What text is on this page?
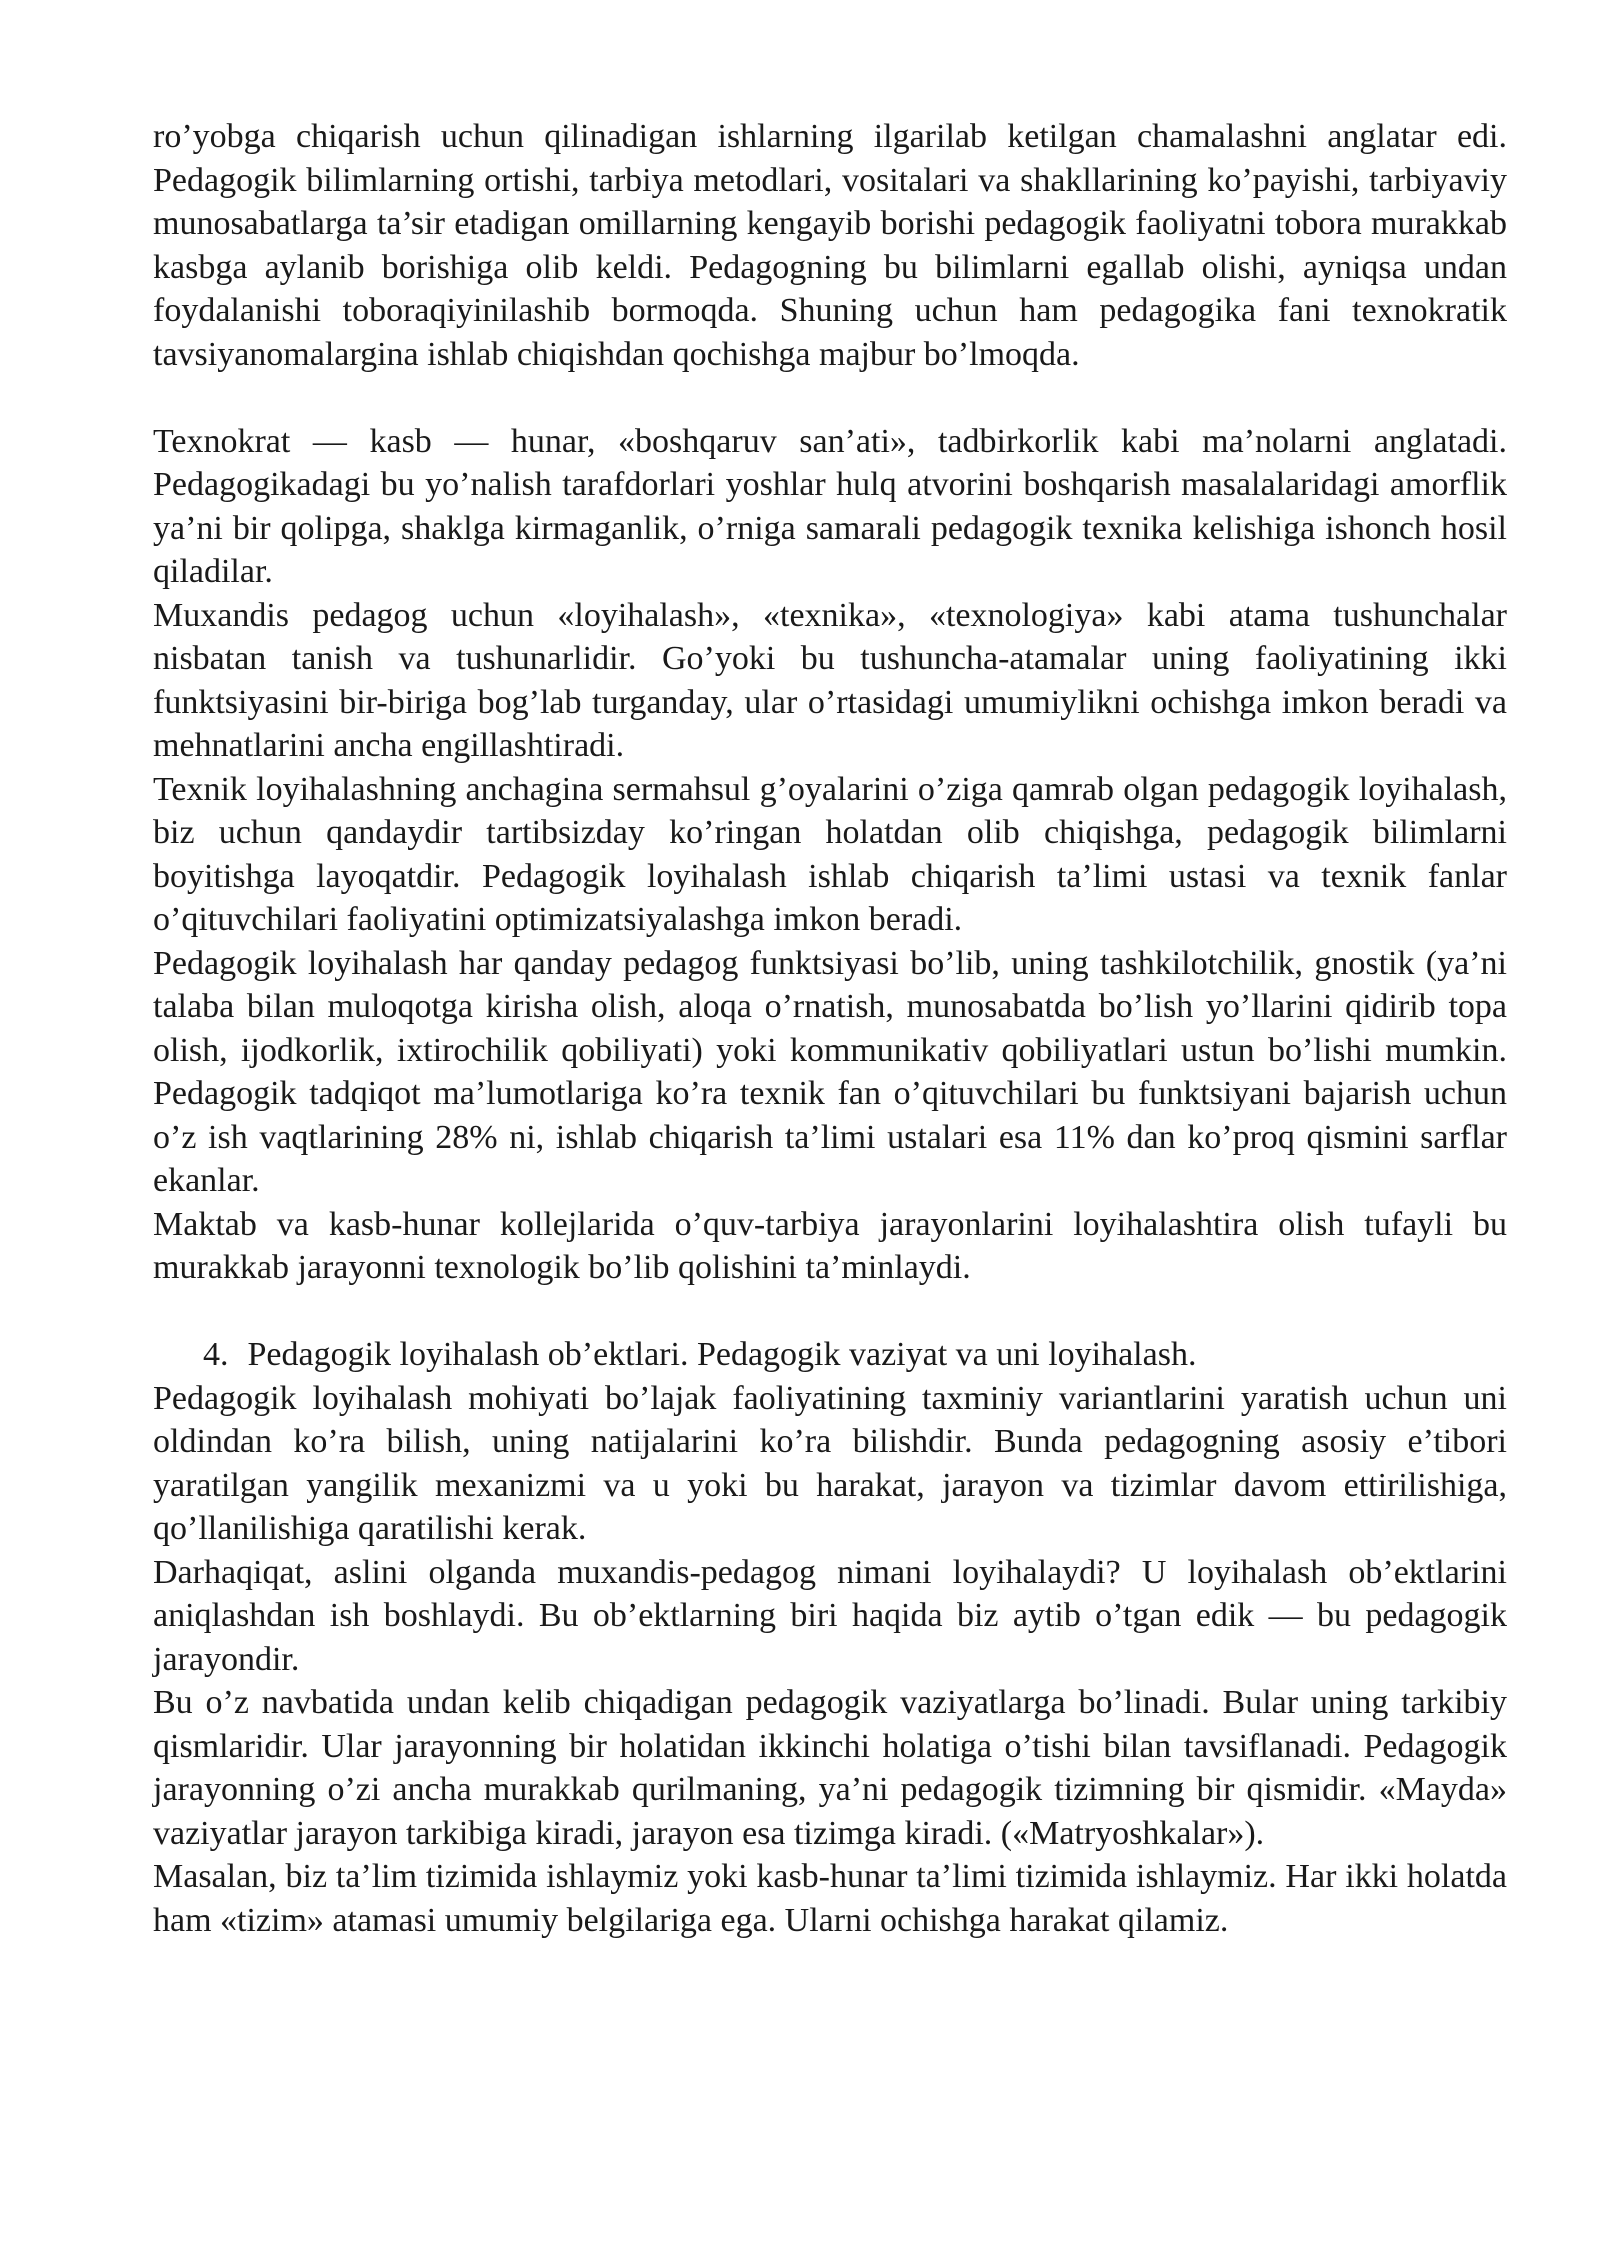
ro’yobga chiqarish uchun qilinadigan ishlarning ilgarilab ketilgan chamalashni anglatar edi. Pedagogik bilimlarning ortishi, tarbiya metodlari, vositalari va shakllarining ko’payishi, tarbiyaviy munosabatlarga ta’sir etadigan omillarning kengayib borishi pedagogik faoliyatni tobora murakkab kasbga aylanib borishiga olib keldi. Pedagogning bu bilimlarni egallab olishi, ayniqsa undan foydalanishi toboraqiyinilashib bormoqda. Shuning uchun ham pedagogika fani texnokratik tavsiyanomalargina ishlab chiqishdan qochishga majbur bo’lmoqda.

Texnokrat — kasb — hunar, «boshqaruv san’ati», tadbirkorlik kabi ma’nolarni anglatadi. Pedagogikadagi bu yo’nalish tarafdorlari yoshlar hulq atvorini boshqarish masalalaridagi amorflik ya’ni bir qolipga, shaklga kirmaganlik, o’rniga samarali pedagogik texnika kelishiga ishonch hosil qiladilar.

Muxandis pedagog uchun «loyihalash», «texnika», «texnologiya» kabi atama tushunchalar nisbatan tanish va tushunarlidir. Go’yoki bu tushuncha-atamalar uning faoliyatining ikki funktsiyasini bir-biriga bog’lab turganday, ular o’rtasidagi umumiylikni ochishga imkon beradi va mehnatlarini ancha engillashtiradi.

Texnik loyihalashning anchagina sermahsul g’oyalarini o’ziga qamrab olgan pedagogik loyihalash, biz uchun qandaydir tartibsizday ko’ringan holatdan olib chiqishga, pedagogik bilimlarni boyitishga layoqatdir. Pedagogik loyihalash ishlab chiqarish ta’limi ustasi va texnik fanlar o’qituvchilari faoliyatini optimizatsiyalashga imkon beradi.

Pedagogik loyihalash har qanday pedagog funktsiyasi bo’lib, uning tashkilotchilik, gnostik (ya’ni talaba bilan muloqotga kirisha olish, aloqa o’rnatish, munosabatda bo’lish yo’llarini qidirib topa olish, ijodkorlik, ixtirochilik qobiliyati) yoki kommunikativ qobiliyatlari ustun bo’lishi mumkin. Pedagogik tadqiqot ma’lumotlariga ko’ra texnik fan o’qituvchilari bu funktsiyani bajarish uchun o’z ish vaqtlarining 28% ni, ishlab chiqarish ta’limi ustalari esa 11% dan ko’proq qismini sarflar ekanlar.

Maktab va kasb-hunar kollejlarida o’quv-tarbiya jarayonlarini loyihalashtira olish tufayli bu murakkab jarayonni texnologik bo’lib qolishini ta’minlaydi.

4. Pedagogik loyihalash ob’ektlari. Pedagogik vaziyat va uni loyihalash.

Pedagogik loyihalash mohiyati bo’lajak faoliyatining taxminiy variantlarini yaratish uchun uni oldindan ko’ra bilish, uning natijalarini ko’ra bilishdir. Bunda pedagogning asosiy e’tibori yaratilgan yangilik mexanizmi va u yoki bu harakat, jarayon va tizimlar davom ettirilishiga, qo’llanilishiga qaratilishi kerak.

Darhaqiqat, aslini olganda muxandis-pedagog nimani loyihalaydi? U loyihalash ob’ektlarini aniqlashdan ish boshlaydi. Bu ob’ektlarning biri haqida biz aytib o’tgan edik — bu pedagogik jarayondir.

Bu o’z navbatida undan kelib chiqadigan pedagogik vaziyatlarga bo’linadi. Bular uning tarkibiy qismlaridir. Ular jarayonning bir holatidan ikkinchi holatiga o’tishi bilan tavsiflanadi. Pedagogik jarayonning o’zi ancha murakkab qurilmaning, ya’ni pedagogik tizimning bir qismidir. «Mayda» vaziyatlar jarayon tarkibiga kiradi, jarayon esa tizimga kiradi. («Matryoshkalar»).

Masalan, biz ta’lim tizimida ishlaymiz yoki kasb-hunar ta’limi tizimida ishlaymiz. Har ikki holatda ham «tizim» atamasi umumiy belgilariga ega. Ularni ochishga harakat qilamiz.
